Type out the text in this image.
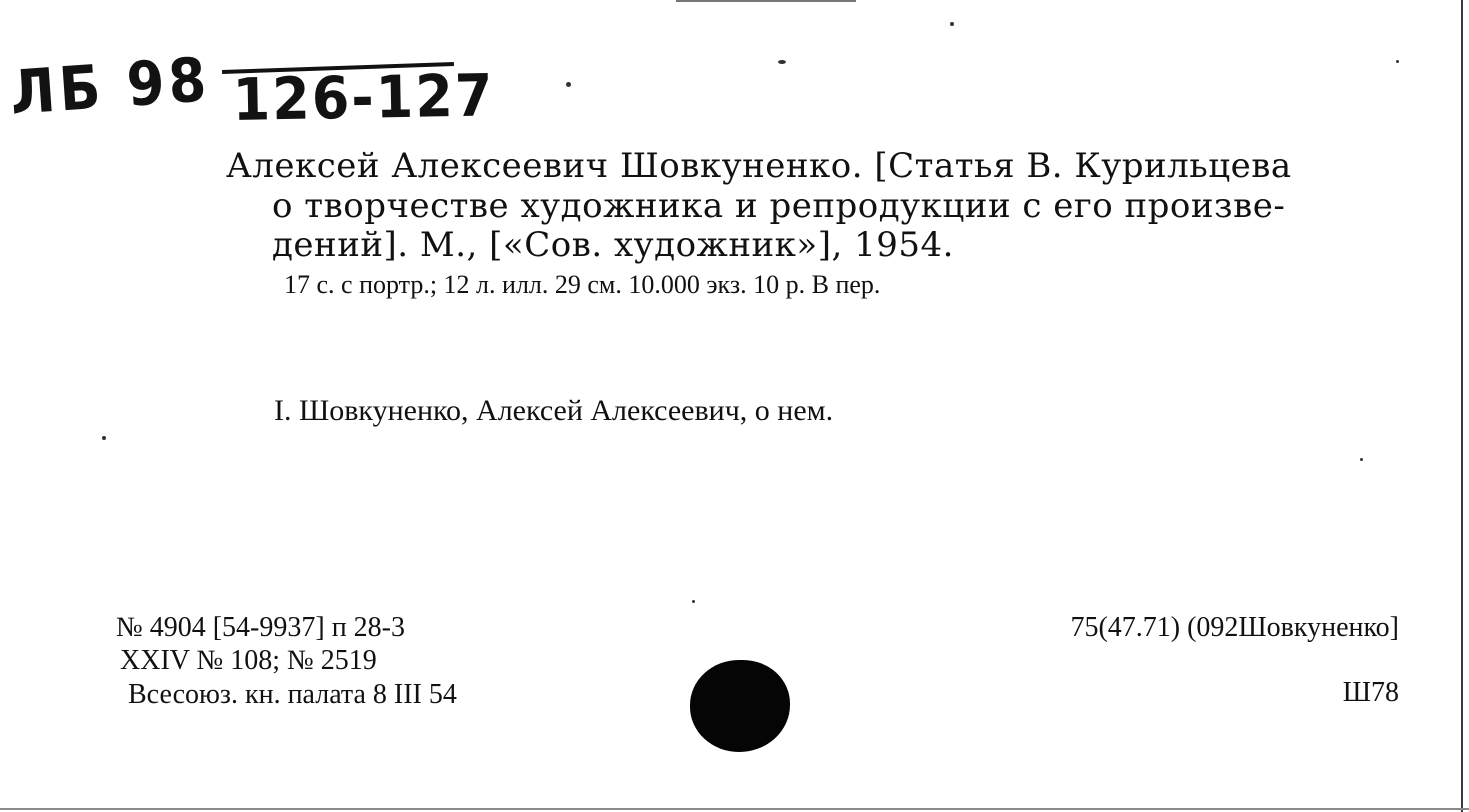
ЛБ 98 126-127
Алексей Алексеевич Шовкуненко. [Статья В. Курильцева
о творчестве художника и репродукции с его произве-
дений]. М., [«Сов. художник»], 1954.
17 с. с портр.; 12 л. илл. 29 см. 10.000 экз. 10 р. В пер.
I. Шовкуненко, Алексей Алексеевич, о нем.
№ 4904 [54-9937] п 28-3
XXIV № 108; № 2519
Всесоюз. кн. палата 8 III 54
75(47.71) (092Шовкуненко]
Ш78
